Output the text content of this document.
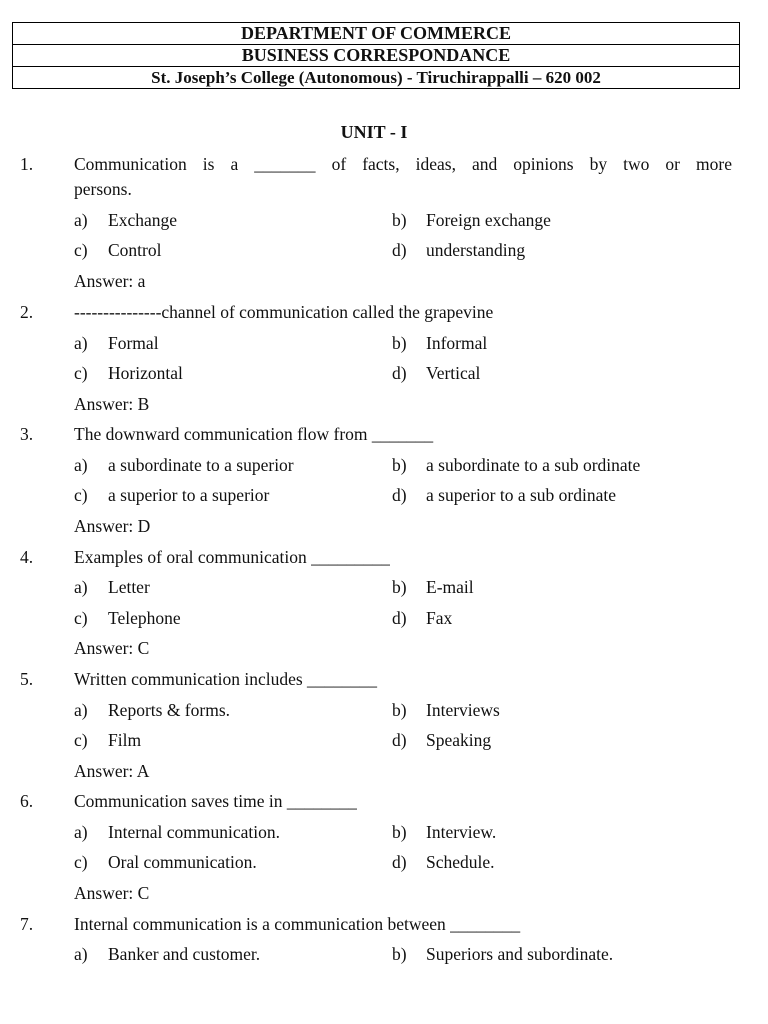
DEPARTMENT OF COMMERCE
BUSINESS CORRESPONDANCE
St. Joseph’s College (Autonomous) - Tiruchirappalli – 620 002
UNIT - I
1. Communication is a _______ of facts, ideas, and opinions by two or more
persons.
a) Exchange	b) Foreign exchange
c) Control	d) understanding
Answer: a
2. ---------------channel of communication called the grapevine
a) Formal	b) Informal
c) Horizontal	d) Vertical
Answer: B
3. The downward communication flow from _______
a) a subordinate to a superior	b) a subordinate to a sub ordinate
c) a superior to a superior	d) a superior to a sub ordinate
Answer: D
4. Examples of oral communication _________
a) Letter	b) E-mail
c) Telephone	d) Fax
Answer: C
5. Written communication includes ________
a) Reports & forms.	b) Interviews
c) Film	d) Speaking
Answer: A
6. Communication saves time in ________
a) Internal communication.	b) Interview.
c) Oral communication.	d) Schedule.
Answer: C
7. Internal communication is a communication between ________
a) Banker and customer.	b) Superiors and subordinate.
